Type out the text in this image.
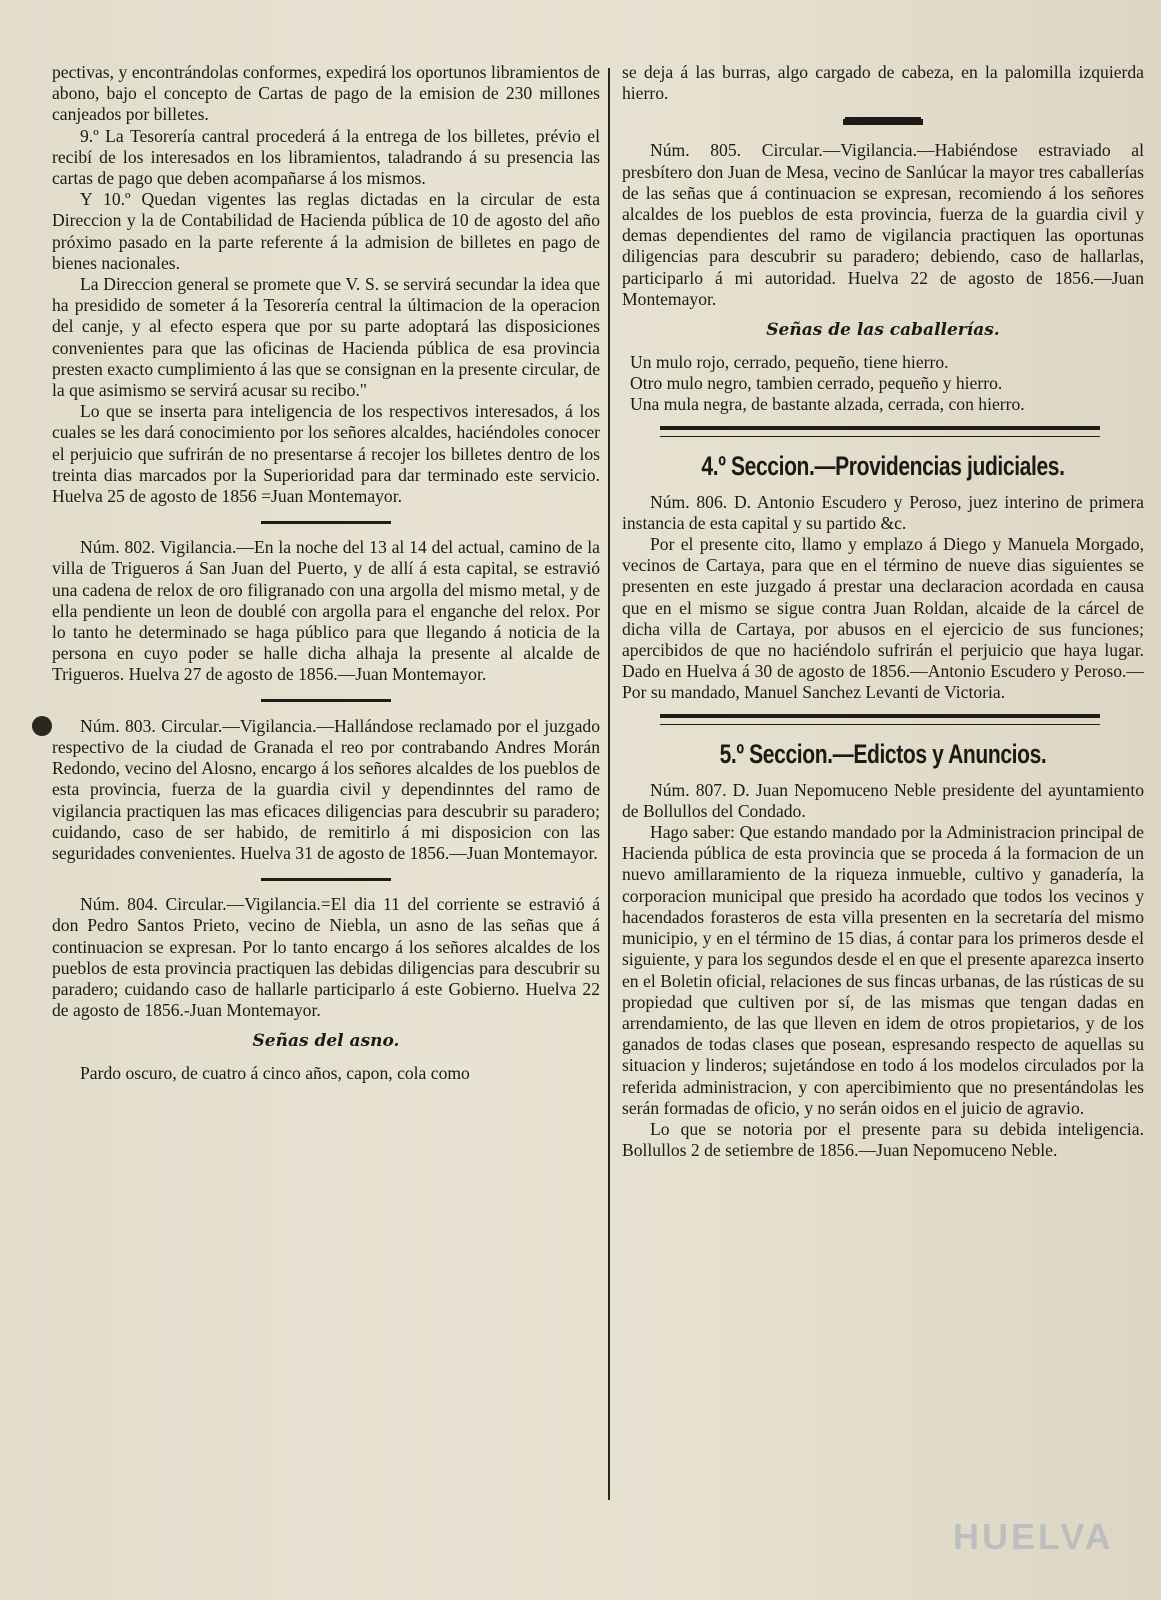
pectivas, y encontrándolas conformes, expedirá los oportunos libramientos de abono, bajo el concepto de Cartas de pago de la emision de 230 millones canjeados por billetes.

9.º La Tesorería cantral procederá á la entrega de los billetes, prévio el recibí de los interesados en los libramientos, taladrando á su presencia las cartas de pago que deben acompañarse á los mismos.

Y 10.º Quedan vigentes las reglas dictadas en la circular de esta Direccion y la de Contabilidad de Hacienda pública de 10 de agosto del año próximo pasado en la parte referente á la admision de billetes en pago de bienes nacionales.

La Direccion general se promete que V. S. se servirá secundar la idea que ha presidido de someter á la Tesorería central la últimacion de la operacion del canje, y al efecto espera que por su parte adoptará las disposiciones convenientes para que las oficinas de Hacienda pública de esa provincia presten exacto cumplimiento á las que se consignan en la presente circular, de la que asimismo se servirá acusar su recibo."

Lo que se inserta para inteligencia de los respectivos interesados, á los cuales se les dará conocimiento por los señores alcaldes, haciéndoles conocer el perjuicio que sufrirán de no presentarse á recojer los billetes dentro de los treinta dias marcados por la Superioridad para dar terminado este servicio. Huelva 25 de agosto de 1856 =Juan Montemayor.

Núm. 802. Vigilancia.—En la noche del 13 al 14 del actual, camino de la villa de Trigueros á San Juan del Puerto, y de allí á esta capital, se estravió una cadena de relox de oro filigranado con una argolla del mismo metal, y de ella pendiente un leon de doublé con argolla para el enganche del relox. Por lo tanto he determinado se haga público para que llegando á noticia de la persona en cuyo poder se halle dicha alhaja la presente al alcalde de Trigueros. Huelva 27 de agosto de 1856.—Juan Montemayor.

Núm. 803. Circular.—Vigilancia.—Hallándose reclamado por el juzgado respectivo de la ciudad de Granada el reo por contrabando Andres Morán Redondo, vecino del Alosno, encargo á los señores alcaldes de los pueblos de esta provincia, fuerza de la guardia civil y dependinntes del ramo de vigilancia practiquen las mas eficaces diligencias para descubrir su paradero; cuidando, caso de ser habido, de remitirlo á mi disposicion con las seguridades convenientes. Huelva 31 de agosto de 1856.—Juan Montemayor.

Núm. 804. Circular.—Vigilancia.=El dia 11 del corriente se estravió á don Pedro Santos Prieto, vecino de Niebla, un asno de las señas que á continuacion se expresan. Por lo tanto encargo á los señores alcaldes de los pueblos de esta provincia practiquen las debidas diligencias para descubrir su paradero; cuidando caso de hallarle participarlo á este Gobierno. Huelva 22 de agosto de 1856.-Juan Montemayor.

Señas del asno.

Pardo oscuro, de cuatro á cinco años, capon, cola como

se deja á las burras, algo cargado de cabeza, en la palomilla izquierda hierro.

Núm. 805. Circular.—Vigilancia.—Habiéndose estraviado al presbítero don Juan de Mesa, vecino de Sanlúcar la mayor tres caballerías de las señas que á continuacion se expresan, recomiendo á los señores alcaldes de los pueblos de esta provincia, fuerza de la guardia civil y demas dependientes del ramo de vigilancia practiquen las oportunas diligencias para descubrir su paradero; debiendo, caso de hallarlas, participarlo á mi autoridad. Huelva 22 de agosto de 1856.—Juan Montemayor.

Señas de las caballerías.

Un mulo rojo, cerrado, pequeño, tiene hierro.

Otro mulo negro, tambien cerrado, pequeño y hierro.

Una mula negra, de bastante alzada, cerrada, con hierro.

4.º Seccion.—Providencias judiciales.

Núm. 806. D. Antonio Escudero y Peroso, juez interino de primera instancia de esta capital y su partido &c.

Por el presente cito, llamo y emplazo á Diego y Manuela Morgado, vecinos de Cartaya, para que en el término de nueve dias siguientes se presenten en este juzgado á prestar una declaracion acordada en causa que en el mismo se sigue contra Juan Roldan, alcaide de la cárcel de dicha villa de Cartaya, por abusos en el ejercicio de sus funciones; apercibidos de que no haciéndolo sufrirán el perjuicio que haya lugar. Dado en Huelva á 30 de agosto de 1856.—Antonio Escudero y Peroso.—Por su mandado, Manuel Sanchez Levanti de Victoria.

5.º Seccion.—Edictos y Anuncios.

Núm. 807. D. Juan Nepomuceno Neble presidente del ayuntamiento de Bollullos del Condado.

Hago saber: Que estando mandado por la Administracion principal de Hacienda pública de esta provincia que se proceda á la formacion de un nuevo amillaramiento de la riqueza inmueble, cultivo y ganadería, la corporacion municipal que presido ha acordado que todos los vecinos y hacendados forasteros de esta villa presenten en la secretaría del mismo municipio, y en el término de 15 dias, á contar para los primeros desde el siguiente, y para los segundos desde el en que el presente aparezca inserto en el Boletin oficial, relaciones de sus fincas urbanas, de las rústicas de su propiedad que cultiven por sí, de las mismas que tengan dadas en arrendamiento, de las que lleven en idem de otros propietarios, y de los ganados de todas clases que posean, espresando respecto de aquellas su situacion y linderos; sujetándose en todo á los modelos circulados por la referida administracion, y con apercibimiento que no presentándolas les serán formadas de oficio, y no serán oidos en el juicio de agravio.

Lo que se notoria por el presente para su debida inteligencia. Bollullos 2 de setiembre de 1856.—Juan Nepomuceno Neble.

HUELVA
